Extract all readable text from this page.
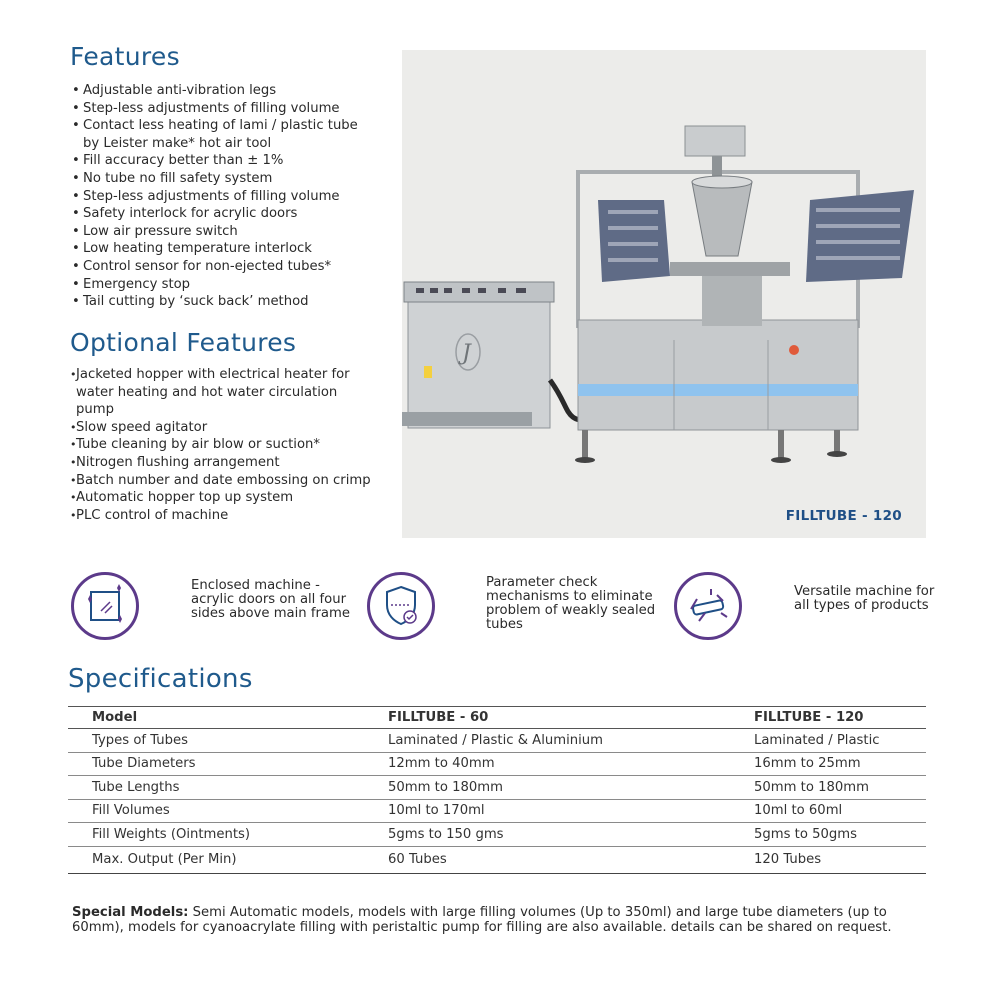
Features
• Adjustable anti-vibration legs
• Step-less adjustments of filling volume
• Contact less heating of lami / plastic tube by Leister make* hot air tool
• Fill accuracy better than ± 1%
• No tube no fill safety system
• Step-less adjustments of filling volume
• Safety interlock for acrylic doors
• Low air pressure switch
• Low heating temperature interlock
• Control sensor for non-ejected tubes*
• Emergency stop
• Tail cutting by ‘suck back’ method
Optional Features
• Jacketed hopper with electrical heater for water heating and hot water circulation pump
• Slow speed agitator
• Tube cleaning by air blow or suction*
• Nitrogen flushing arrangement
• Batch number and date embossing on crimp
• Automatic hopper top up system
• PLC control of machine
J
FILLTUBE - 120
Enclosed machine - acrylic doors on all four sides above main frame
Parameter check mechanisms to eliminate problem of weakly sealed tubes
Versatile machine for all types of products
Specifications
Model	FILLTUBE - 60	FILLTUBE - 120
Types of Tubes	Laminated / Plastic & Aluminium	Laminated / Plastic
Tube Diameters	12mm to 40mm	16mm to 25mm
Tube Lengths	50mm to 180mm	50mm to 180mm
Fill Volumes	10ml to 170ml	10ml to 60ml
Fill Weights (Ointments)	5gms to 150 gms	5gms to 50gms
Max. Output (Per Min)	60 Tubes	120 Tubes
Special Models: Semi Automatic models, models with large filling volumes (Up to 350ml) and large tube diameters (up to 60mm), models for cyanoacrylate filling with peristaltic pump for filling are also available. details can be shared on request.
